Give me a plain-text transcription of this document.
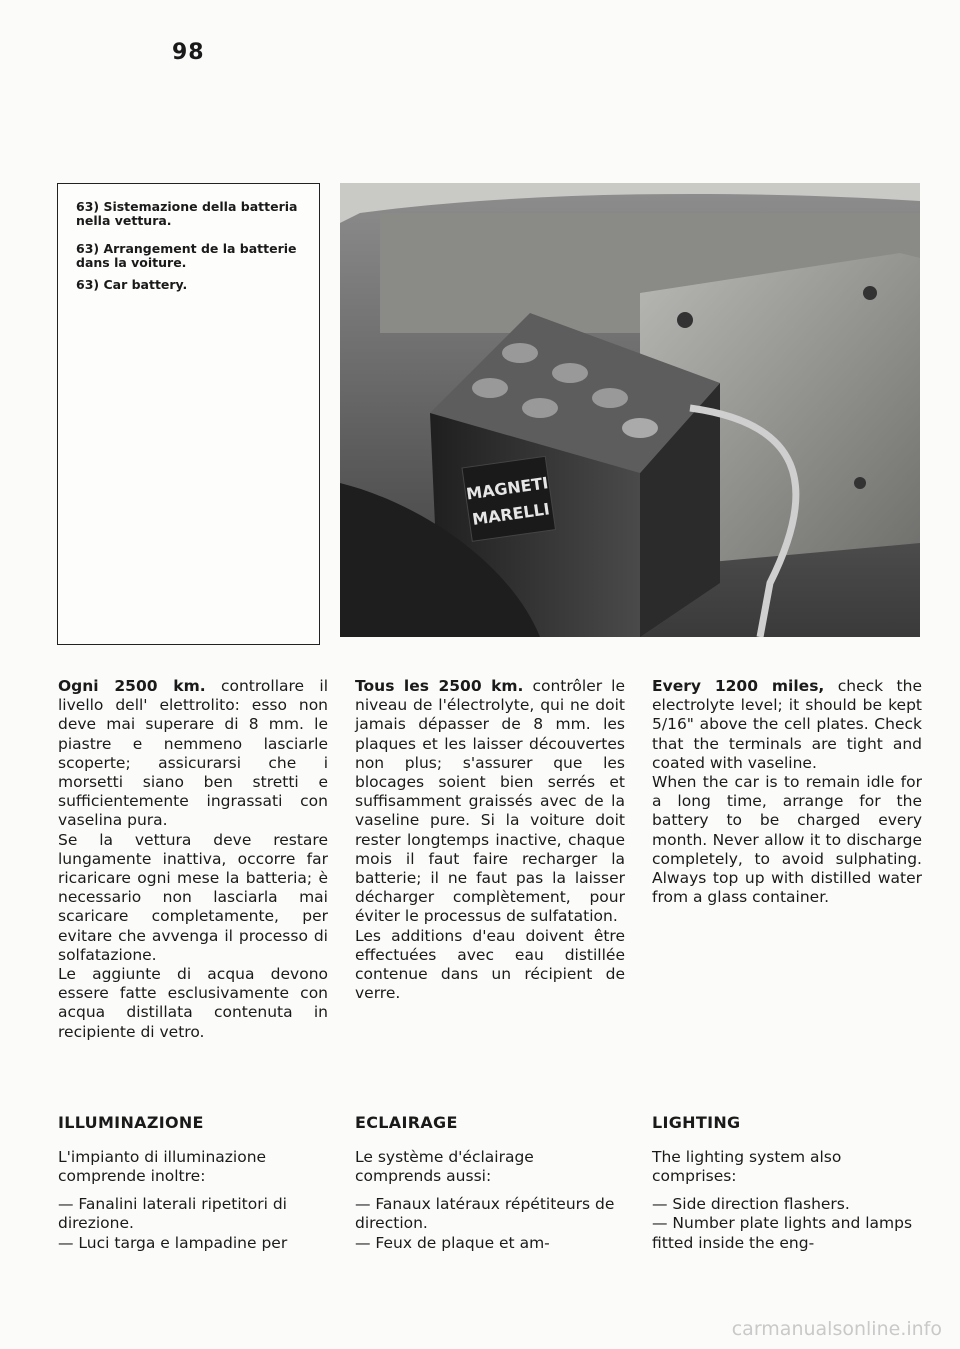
98
63) Sistemazione della batteria nella vettura.
63) Arrangement de la batterie dans la voiture.
63) Car battery.
MAGNETI
MARELLI

Ogni 2500 km. controllare il livello dell' elettrolito: esso non deve mai superare di 8 mm. le piastre e nemmeno lasciarle scoperte; assicurarsi che i morsetti siano ben stretti e sufficientemente ingrassati con vaselina pura.

Se la vettura deve restare lungamente inattiva, occorre far ricaricare ogni mese la batteria; è necessario non lasciarla mai scaricare completamente, per evitare che avvenga il processo di solfatazione.

Le aggiunte di acqua devono essere fatte esclusivamente con acqua distillata contenuta in recipiente di vetro.

Tous les 2500 km. contrôler le niveau de l'électrolyte, qui ne doit jamais dépasser de 8 mm. les plaques et les laisser découvertes non plus; s'assurer que les blocages soient bien serrés et suffisamment graissés avec de la vaseline pure. Si la voiture doit rester longtemps inactive, chaque mois il faut faire recharger la batterie; il ne faut pas la laisser décharger complètement, pour éviter le processus de sulfatation.

Les additions d'eau doivent être effectuées avec eau distillée contenue dans un récipient de verre.

Every 1200 miles, check the electrolyte level; it should be kept 5/16" above the cell plates. Check that the terminals are tight and coated with vaseline.

When the car is to remain idle for a long time, arrange for the battery to be charged every month. Never allow it to discharge completely, to avoid sulphating. Always top up with distilled water from a glass container.

ILLUMINAZIONE	ECLAIRAGE	LIGHTING

L'impianto di illuminazione comprende inoltre:

— Fanalini laterali ripetitori di direzione.

— Luci targa e lampadine per

Le système d'éclairage comprends aussi:

— Fanaux latéraux répétiteurs de direction.

— Feux de plaque et am-

The lighting system also comprises:

— Side direction flashers.

— Number plate lights and lamps fitted inside the eng-

carmanualsonline.info
